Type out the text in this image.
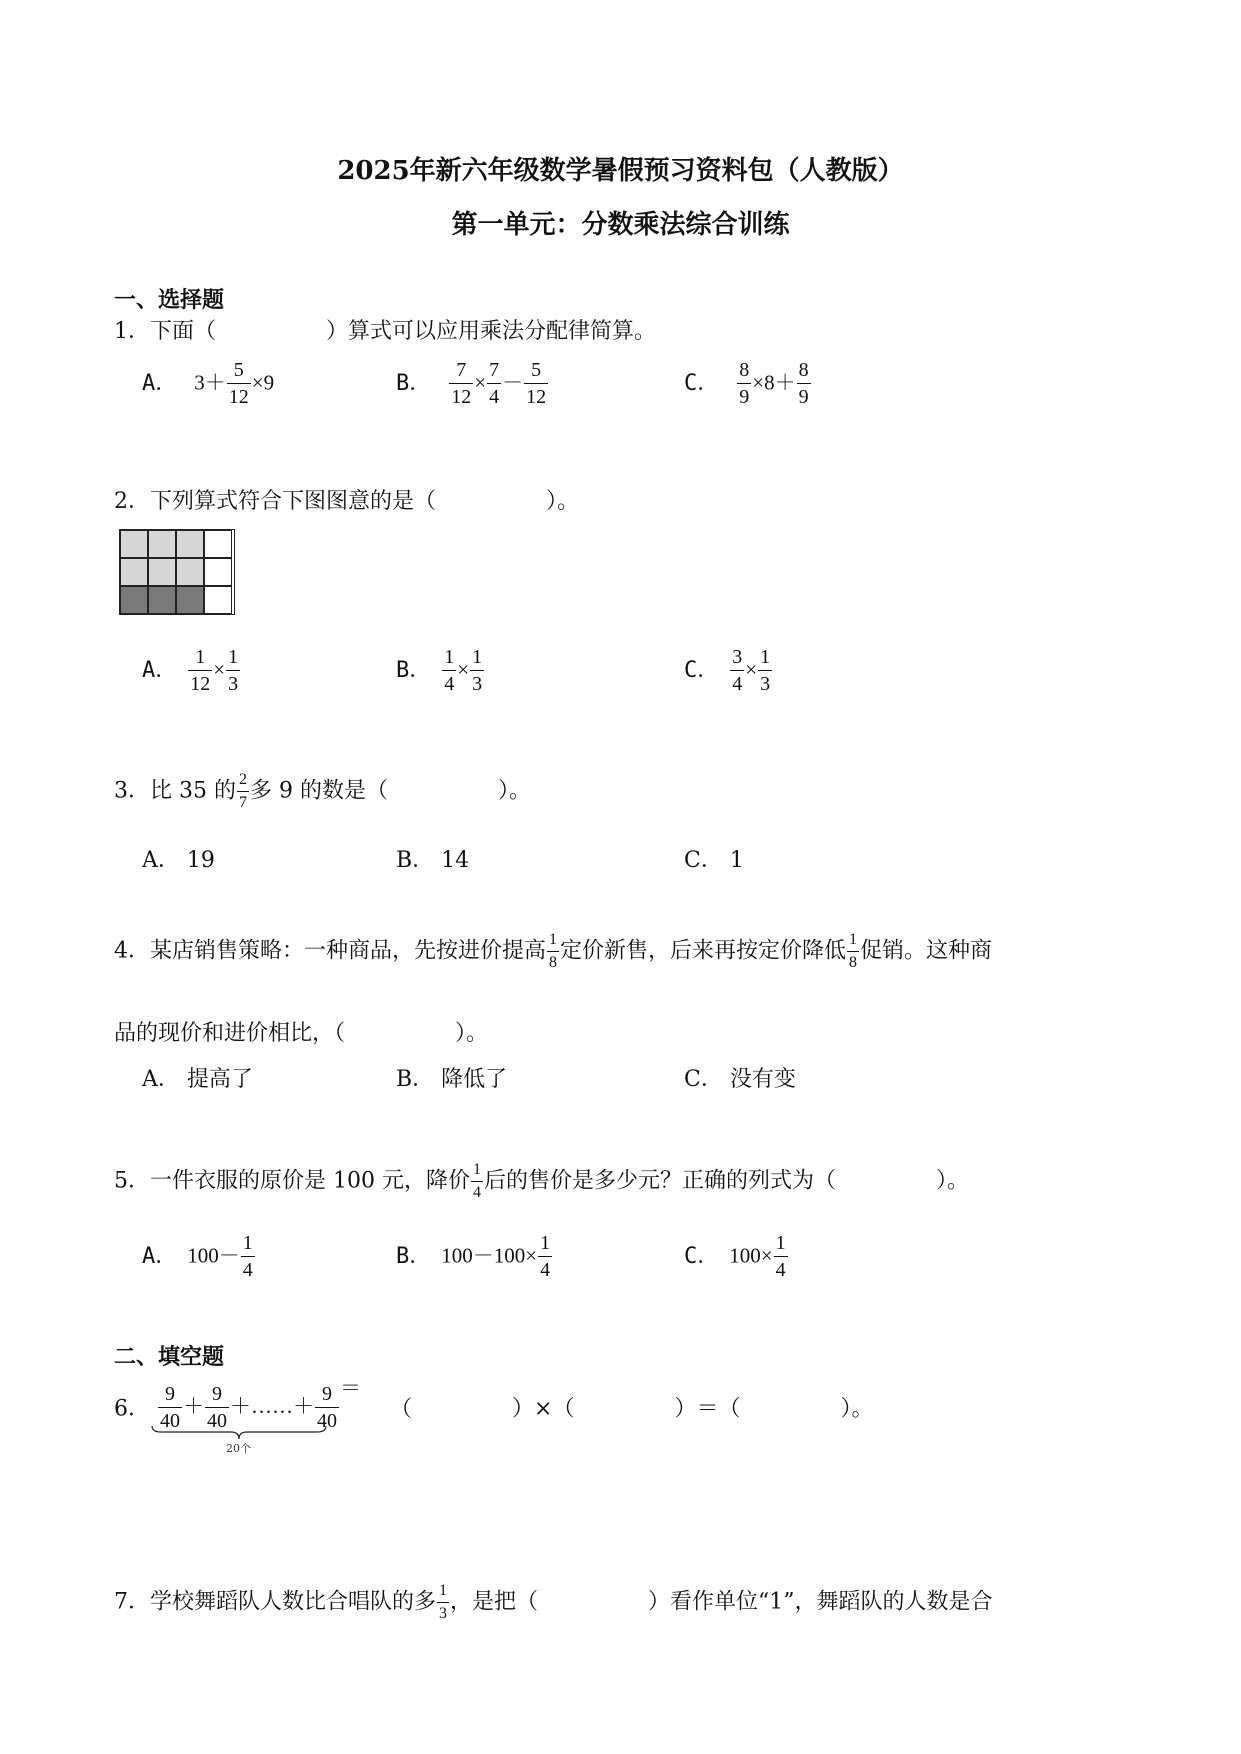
2025年新六年级数学暑假预习资料包（人教版）
第一单元：分数乘法综合训练
一、选择题
1．下面（	）算式可以应用乘法分配律简算。
A． $3+ \frac{5}{12} \times 9$	B． $\frac{7}{12} \times \frac{7}{4} - \frac{5}{12}$	C． $\frac{8}{9} \times 8+ \frac{8}{9}$
2．下列算式符合下图图意的是（	）。
A． $\frac{1}{12} \times \frac{1}{3}$	B． $\frac{1}{4} \times \frac{1}{3}$	C． $\frac{3}{4} \times \frac{1}{3}$
3．比 35 的 $\frac{2}{7}$ 多 9 的数是（	）。
A． 19	B． 14	C． 1
4．某店销售策略：一种商品，先按进价提高 $\frac{1}{8}$ 定价新售，后来再按定价降低 $\frac{1}{8}$ 促销。这种商
品的现价和进价相比，（	）。
A． 提高了	B． 降低了	C． 没有变
5．一件衣服的原价是 100 元，降价 $\frac{1}{4}$ 后的售价是多少元？正确的列式为（	）。
A． $100- \frac{1}{4}$	B． $100-100\times \frac{1}{4}$	C． $100\times \frac{1}{4}$
二、填空题
6． $\frac{9}{40} + \frac{9}{40}$ ＋……＋ $\frac{9}{40}$ ＝ （	）×（	）＝（	）。
20个
7．学校舞蹈队人数比合唱队的多 $\frac{1}{3}$ ，是把（	）看作单位“1”，舞蹈队的人数是合
